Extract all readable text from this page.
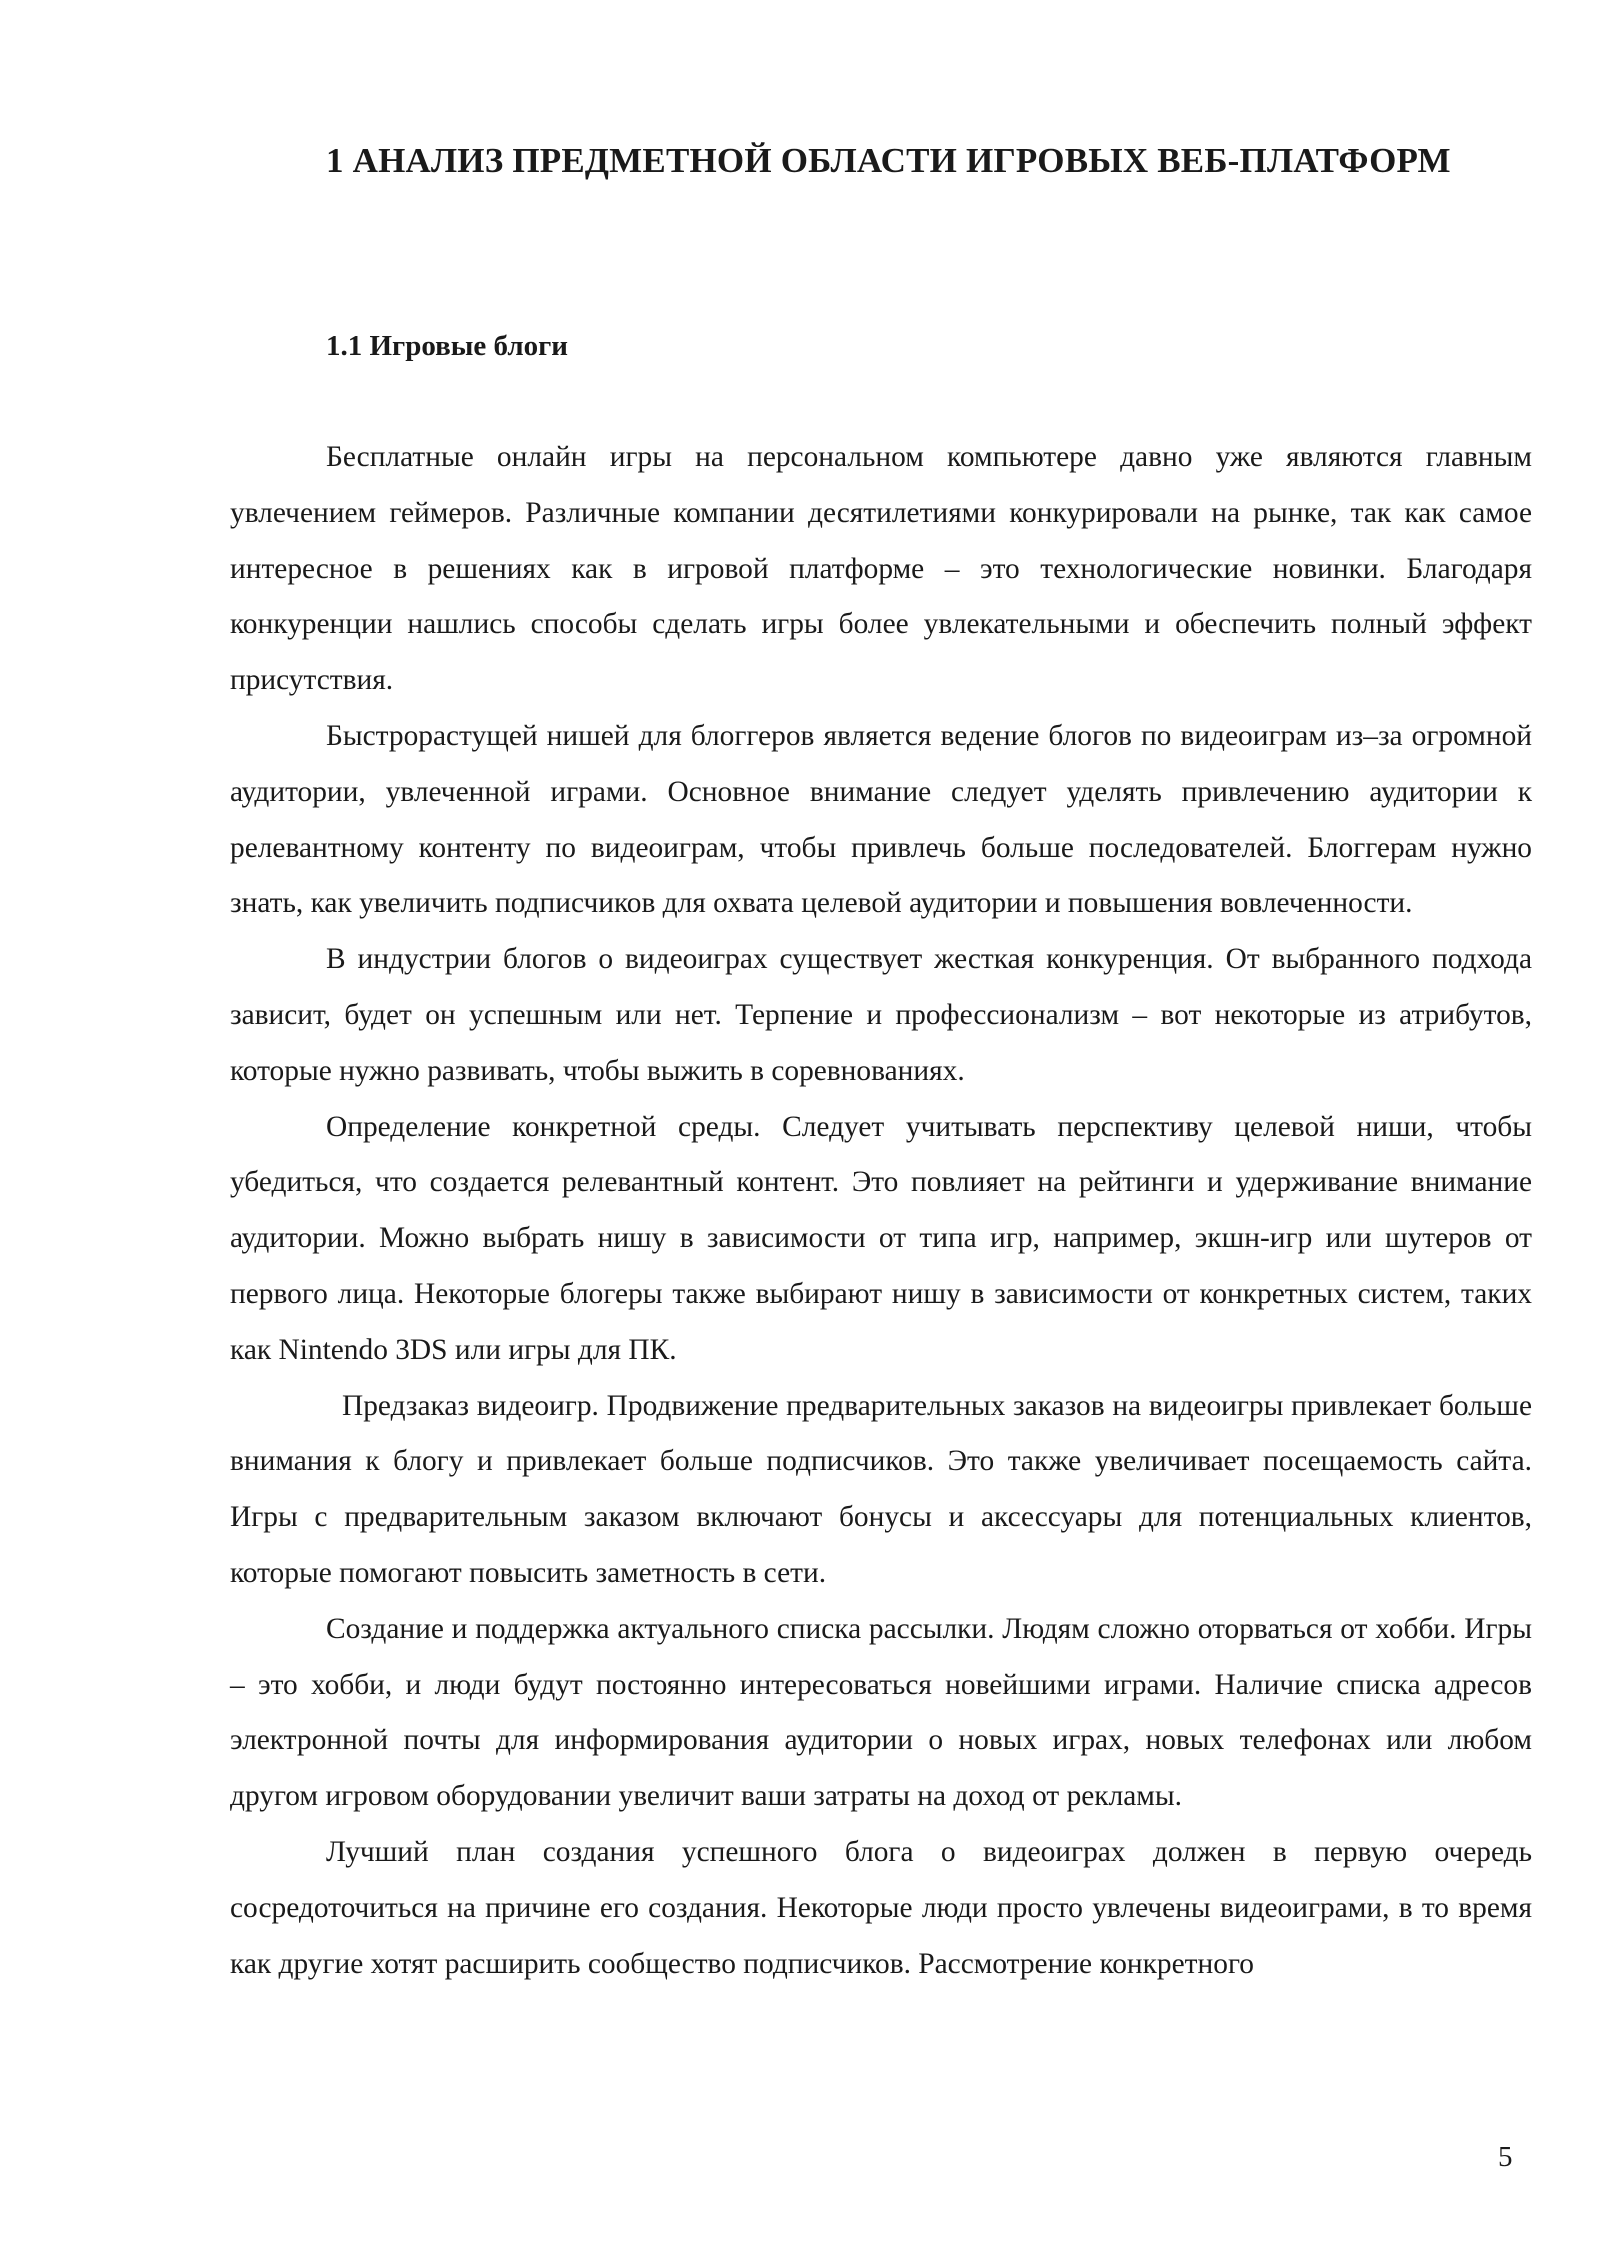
1 АНАЛИЗ ПРЕДМЕТНОЙ ОБЛАСТИ ИГРОВЫХ ВЕБ-ПЛАТФОРМ
1.1 Игровые блоги

Бесплатные онлайн игры на персональном компьютере давно уже являются главным увлечением геймеров. Различные компании десятилетиями конкурировали на рынке, так как самое интересное в решениях как в игровой платформе – это технологические новинки. Благодаря конкуренции нашлись способы сделать игры более увлекательными и обеспечить полный эффект присутствия.

Быстрорастущей нишей для блоггеров является ведение блогов по видеоиграм из–за огромной аудитории, увлеченной играми. Основное внимание следует уделять привлечению аудитории к релевантному контенту по видеоиграм, чтобы привлечь больше последователей. Блоггерам нужно знать, как увеличить подписчиков для охвата целевой аудитории и повышения вовлеченности.

В индустрии блогов о видеоиграх существует жесткая конкуренция. От выбранного подхода зависит, будет он успешным или нет. Терпение и профессионализм – вот некоторые из атрибутов, которые нужно развивать, чтобы выжить в соревнованиях.

Определение конкретной среды. Следует учитывать перспективу целевой ниши, чтобы убедиться, что создается релевантный контент. Это повлияет на рейтинги и удерживание внимание аудитории. Можно выбрать нишу в зависимости от типа игр, например, экшн-игр или шутеров от первого лица. Некоторые блогеры также выбирают нишу в зависимости от конкретных систем, таких как Nintendo 3DS или игры для ПК.

Предзаказ видеоигр. Продвижение предварительных заказов на видеоигры привлекает больше внимания к блогу и привлекает больше подписчиков. Это также увеличивает посещаемость сайта. Игры с предварительным заказом включают бонусы и аксессуары для потенциальных клиентов, которые помогают повысить заметность в сети.

Создание и поддержка актуального списка рассылки. Людям сложно оторваться от хобби. Игры – это хобби, и люди будут постоянно интересоваться новейшими играми. Наличие списка адресов электронной почты для информирования аудитории о новых играх, новых телефонах или любом другом игровом оборудовании увеличит ваши затраты на доход от рекламы.

Лучший план создания успешного блога о видеоиграх должен в первую очередь сосредоточиться на причине его создания. Некоторые люди просто увлечены видеоиграми, в то время как другие хотят расширить сообщество подписчиков. Рассмотрение конкретного

5
